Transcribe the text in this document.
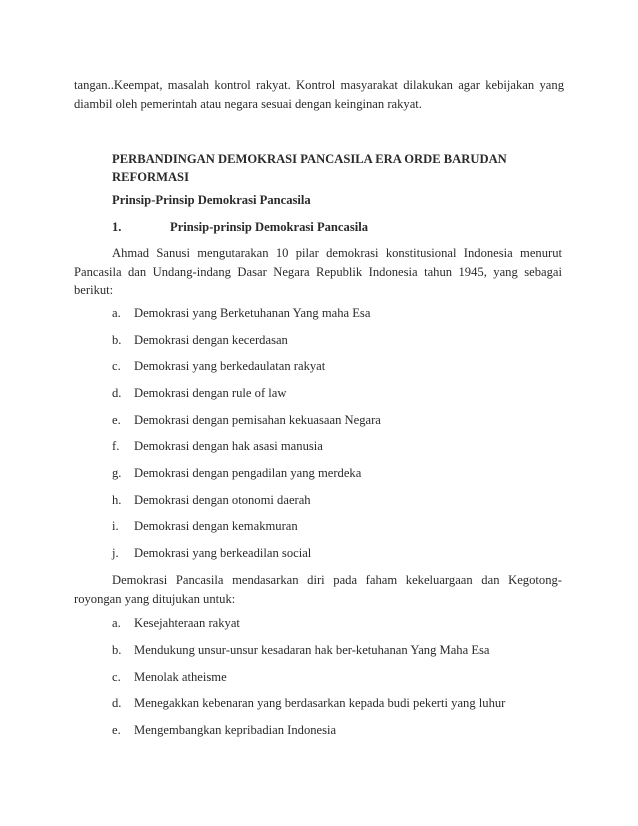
tangan..Keempat, masalah kontrol rakyat. Kontrol masyarakat dilakukan agar kebijakan yang
diambil oleh pemerintah atau negara sesuai dengan keinginan rakyat.

PERBANDINGAN DEMOKRASI PANCASILA ERA ORDE BARUDAN
REFORMASI

Prinsip-Prinsip Demokrasi Pancasila

1.	Prinsip-prinsip Demokrasi Pancasila

Ahmad Sanusi mengutarakan 10 pilar demokrasi konstitusional Indonesia menurut
Pancasila dan Undang-indang Dasar Negara Republik Indonesia tahun 1945, yang sebagai
berikut:

a. Demokrasi yang Berketuhanan Yang maha Esa

b. Demokrasi dengan kecerdasan

c. Demokrasi yang berkedaulatan rakyat

d. Demokrasi dengan rule of law

e. Demokrasi dengan pemisahan kekuasaan Negara

f. Demokrasi dengan hak asasi manusia

g. Demokrasi dengan pengadilan yang merdeka

h. Demokrasi dengan otonomi daerah

i. Demokrasi dengan kemakmuran

j. Demokrasi yang berkeadilan social

Demokrasi Pancasila mendasarkan diri pada faham kekeluargaan dan Kegotong-
royongan yang ditujukan untuk:

a. Kesejahteraan rakyat

b. Mendukung unsur-unsur kesadaran hak ber-ketuhanan Yang Maha Esa

c. Menolak atheisme

d. Menegakkan kebenaran yang berdasarkan kepada budi pekerti yang luhur

e. Mengembangkan kepribadian Indonesia
